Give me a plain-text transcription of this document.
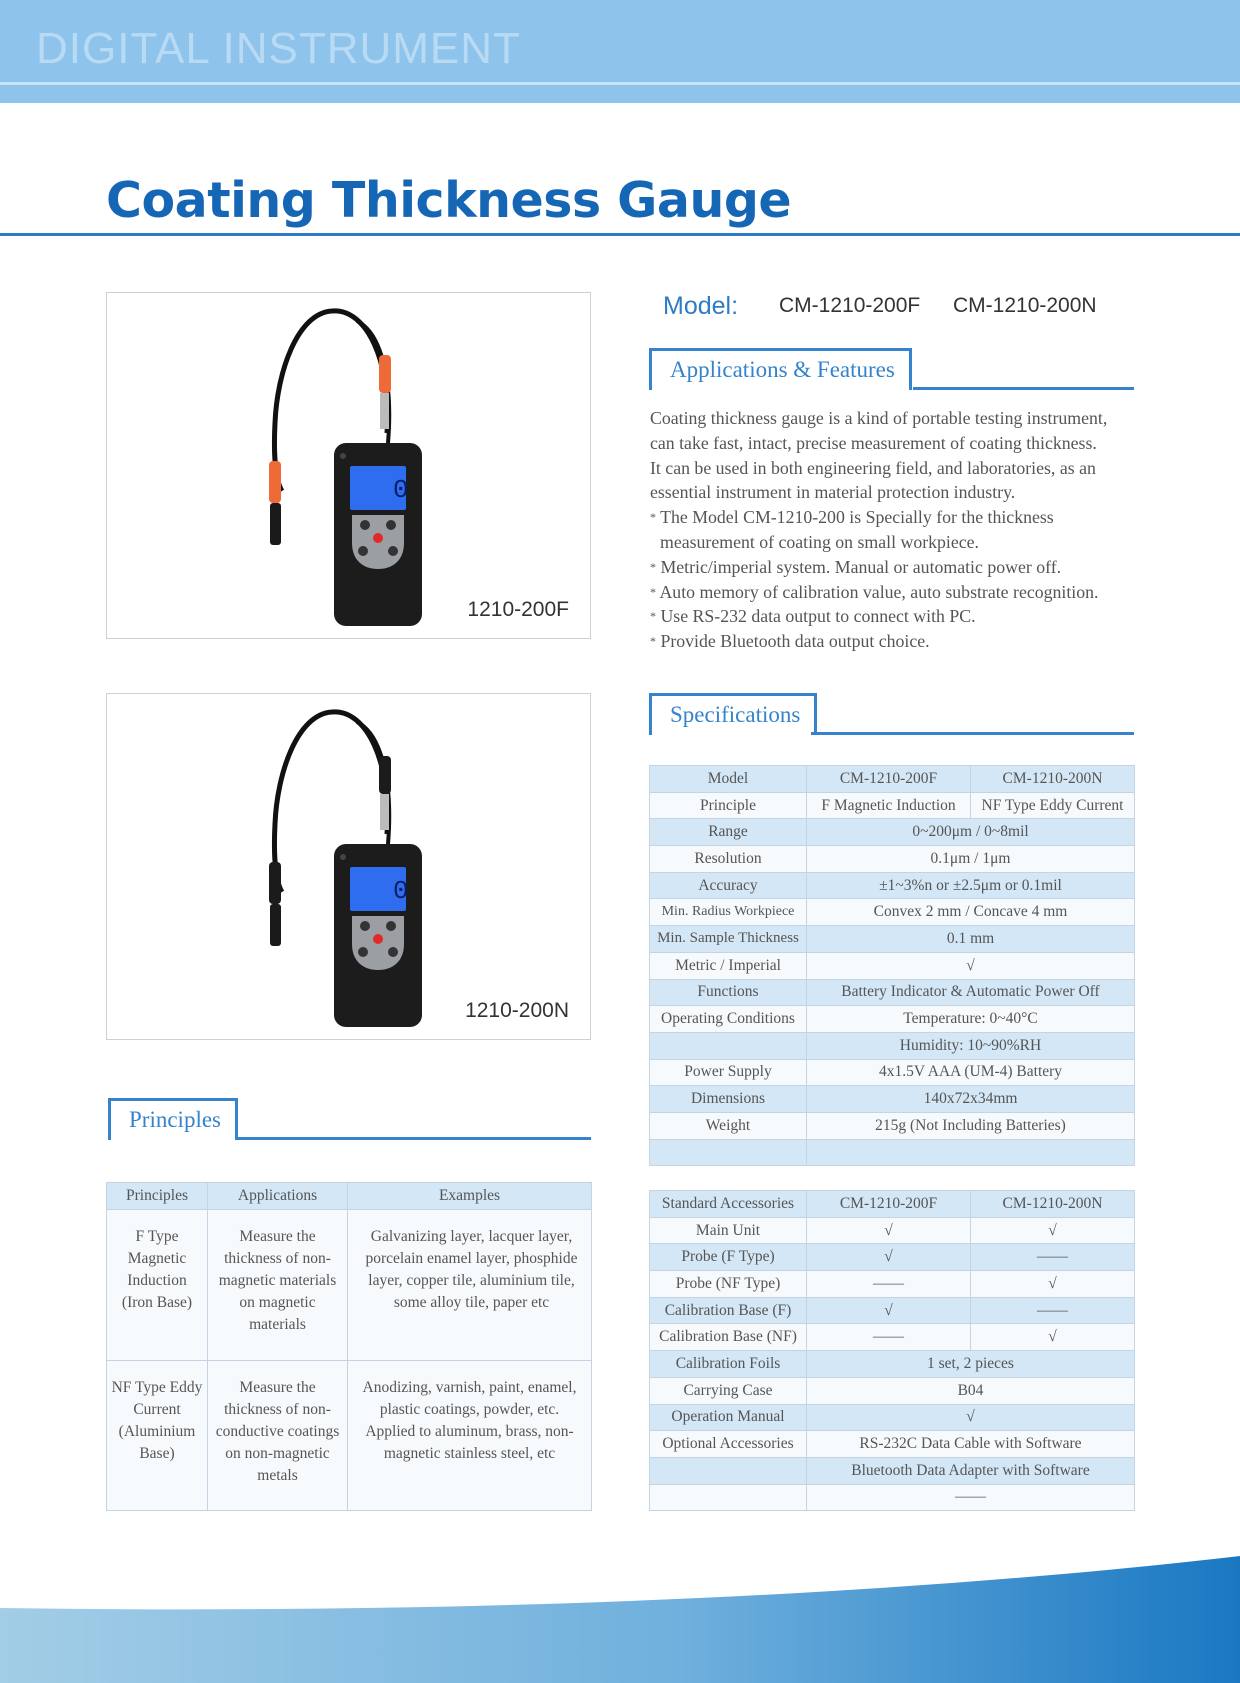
DIGITAL INSTRUMENT
Coating Thickness Gauge
0
1210-200F
0
1210-200N
Model: CM-1210-200F CM-1210-200N
Applications & Features

Coating thickness gauge is a kind of portable testing instrument,

can take fast, intact, precise measurement of coating thickness.

It can be used in both engineering field, and laboratories, as an

essential instrument in material protection industry.

* The Model CM-1210-200 is Specially for the thickness
measurement of coating on small workpiece.
* Metric/imperial system. Manual or automatic power off.
* Auto memory of calibration value, auto substrate recognition.
* Use RS-232 data output to connect with PC.
* Provide Bluetooth data output choice.
Specifications
Model	CM-1210-200F	CM-1210-200N
Principle	F Magnetic Induction	NF Type Eddy Current
Range	0~200μm / 0~8mil	
Resolution	0.1μm / 1μm	
Accuracy	±1~3%n or ±2.5μm or 0.1mil	
Min. Radius Workpiece	Convex 2 mm / Concave 4 mm	
Min. Sample Thickness	0.1 mm	
Metric / Imperial	√	
Functions	Battery Indicator & Automatic Power Off	
Operating Conditions	Temperature: 0~40°C	
	Humidity: 10~90%RH	
Power Supply	4x1.5V AAA (UM-4) Battery	
Dimensions	140x72x34mm	
Weight	215g (Not Including Batteries)	

Standard Accessories	CM-1210-200F	CM-1210-200N
Main Unit	√	√
Probe (F Type)	√	——
Probe (NF Type)	——	√
Calibration Base (F)	√	——
Calibration Base (NF)	——	√
Calibration Foils	1 set, 2 pieces	
Carrying Case	B04	
Operation Manual	√	
Optional Accessories	RS-232C Data Cable with Software	
	Bluetooth Data Adapter with Software	
	——	
Principles
Principles	Applications	Examples
F Type Magnetic Induction (Iron Base)	Measure the thickness of non-magnetic materials on magnetic materials	Galvanizing layer, lacquer layer, porcelain enamel layer, phosphide layer, copper tile, aluminium tile, some alloy tile, paper etc
NF Type Eddy Current (Aluminium Base)	Measure the thickness of non-conductive coatings on non-magnetic metals	Anodizing, varnish, paint, enamel, plastic coatings, powder, etc. Applied to aluminum, brass, non-magnetic stainless steel, etc
